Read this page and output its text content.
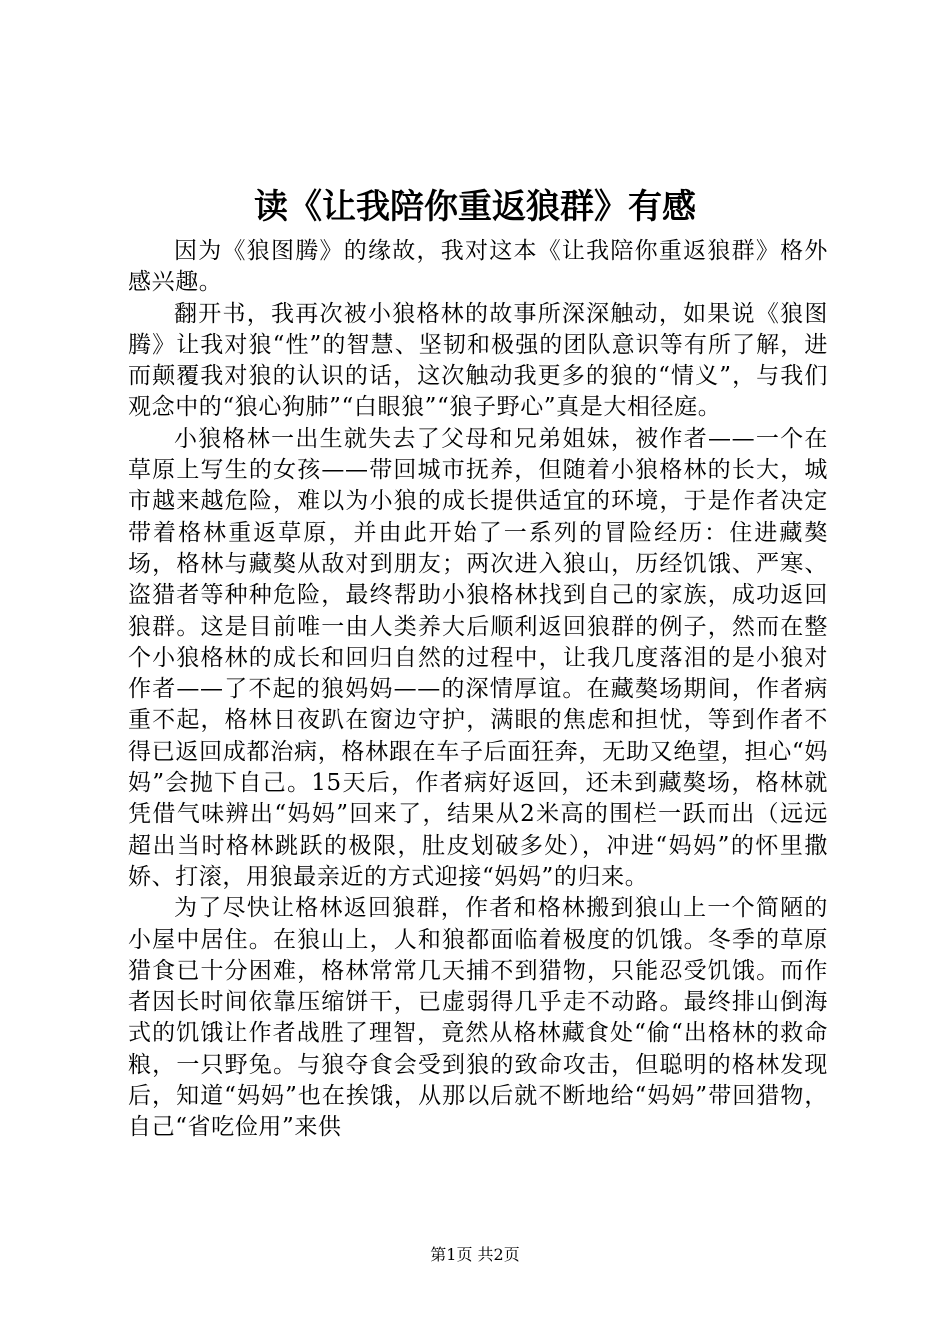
读《让我陪你重返狼群》有感

因为《狼图腾》的缘故，我对这本《让我陪你重返狼群》格外感兴趣。

翻开书，我再次被小狼格林的故事所深深触动，如果说《狼图腾》让我对狼“性”的智慧、坚韧和极强的团队意识等有所了解，进而颠覆我对狼的认识的话，这次触动我更多的狼的“情义”，与我们观念中的“狼心狗肺”“白眼狼”“狼子野心”真是大相径庭。

小狼格林一出生就失去了父母和兄弟姐妹，被作者——一个在草原上写生的女孩——带回城市抚养，但随着小狼格林的长大，城市越来越危险，难以为小狼的成长提供适宜的环境，于是作者决定带着格林重返草原，并由此开始了一系列的冒险经历：住进藏獒场，格林与藏獒从敌对到朋友；两次进入狼山，历经饥饿、严寒、盗猎者等种种危险，最终帮助小狼格林找到自己的家族，成功返回狼群。这是目前唯一由人类养大后顺利返回狼群的例子，然而在整个小狼格林的成长和回归自然的过程中，让我几度落泪的是小狼对作者——了不起的狼妈妈——的深情厚谊。在藏獒场期间，作者病重不起，格林日夜趴在窗边守护，满眼的焦虑和担忧，等到作者不得已返回成都治病，格林跟在车子后面狂奔，无助又绝望，担心“妈妈”会抛下自己。15天后，作者病好返回，还未到藏獒场，格林就凭借气味辨出“妈妈”回来了，结果从2米高的围栏一跃而出（远远超出当时格林跳跃的极限，肚皮划破多处），冲进“妈妈”的怀里撒娇、打滚，用狼最亲近的方式迎接“妈妈”的归来。

为了尽快让格林返回狼群，作者和格林搬到狼山上一个简陋的小屋中居住。在狼山上，人和狼都面临着极度的饥饿。冬季的草原猎食已十分困难，格林常常几天捕不到猎物，只能忍受饥饿。而作者因长时间依靠压缩饼干，已虚弱得几乎走不动路。最终排山倒海式的饥饿让作者战胜了理智，竟然从格林藏食处“偷“出格林的救命粮，一只野兔。与狼夺食会受到狼的致命攻击，但聪明的格林发现后，知道“妈妈”也在挨饿，从那以后就不断地给“妈妈”带回猎物，自己“省吃俭用”来供

第1页 共2页
